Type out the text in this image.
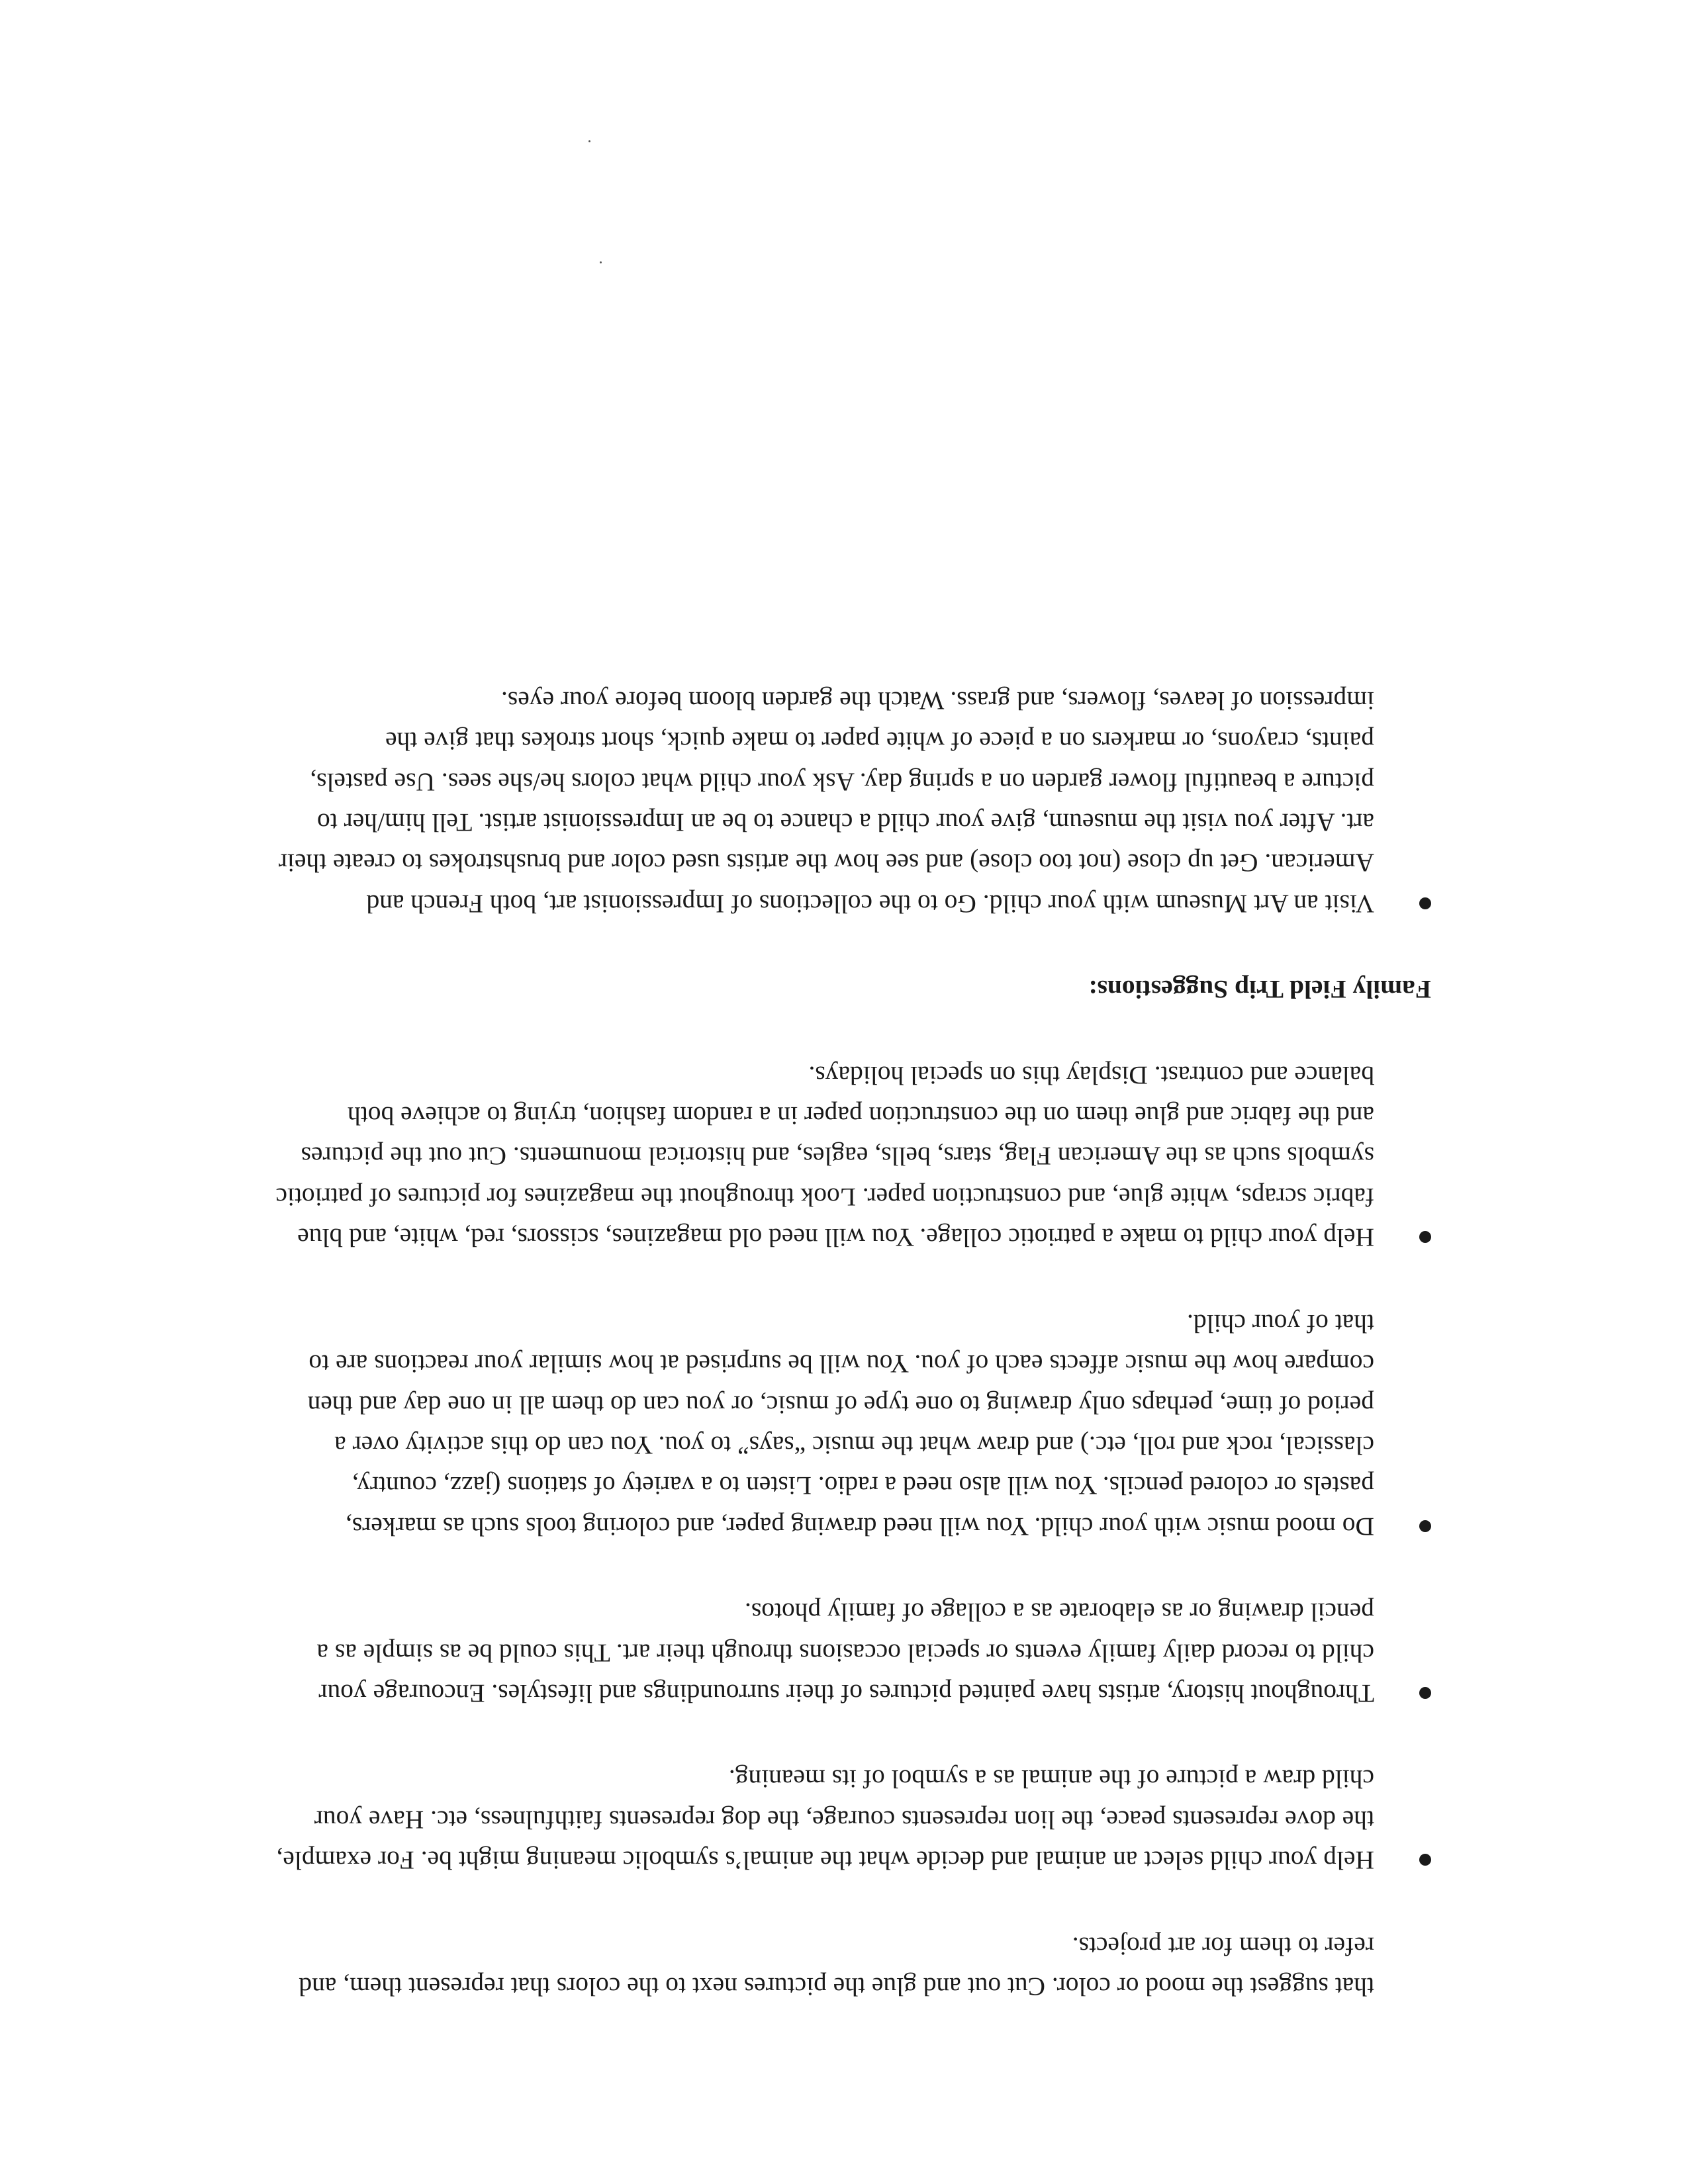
that suggest the mood or color. Cut out and glue the pictures next to the colors that represent them, and refer to them for art projects.

Help your child select an animal and decide what the animal’s symbolic meaning might be. For example, the dove represents peace, the lion represents courage, the dog represents faithfulness, etc. Have your child draw a picture of the animal as a symbol of its meaning.
Throughout history, artists have painted pictures of their surroundings and lifestyles. Encourage your child to record daily family events or special occasions through their art. This could be as simple as a pencil drawing or as elaborate as a collage of family photos.
Do mood music with your child. You will need drawing paper, and coloring tools such as markers, pastels or colored pencils. You will also need a radio. Listen to a variety of stations (jazz, country, classical, rock and roll, etc.) and draw what the music “says” to you. You can do this activity over a period of time, perhaps only drawing to one type of music, or you can do them all in one day and then compare how the music affects each of you. You will be surprised at how similar your reactions are to that of your child.
Help your child to make a patriotic collage. You will need old magazines, scissors, red, white, and blue fabric scraps, white glue, and construction paper. Look throughout the magazines for pictures of patriotic symbols such as the American Flag, stars, bells, eagles, and historical monuments. Cut out the pictures and the fabric and glue them on the construction paper in a random fashion, trying to achieve both balance and contrast. Display this on special holidays.

Family Field Trip Suggestions:

Visit an Art Museum with your child. Go to the collections of Impressionist art, both French and American. Get up close (not too close) and see how the artists used color and brushstrokes to create their art. After you visit the museum, give your child a chance to be an Impressionist artist. Tell him/her to picture a beautiful flower garden on a spring day. Ask your child what colors he/she sees. Use pastels, paints, crayons, or markers on a piece of white paper to make quick, short strokes that give the impression of leaves, flowers, and grass. Watch the garden bloom before your eyes.
